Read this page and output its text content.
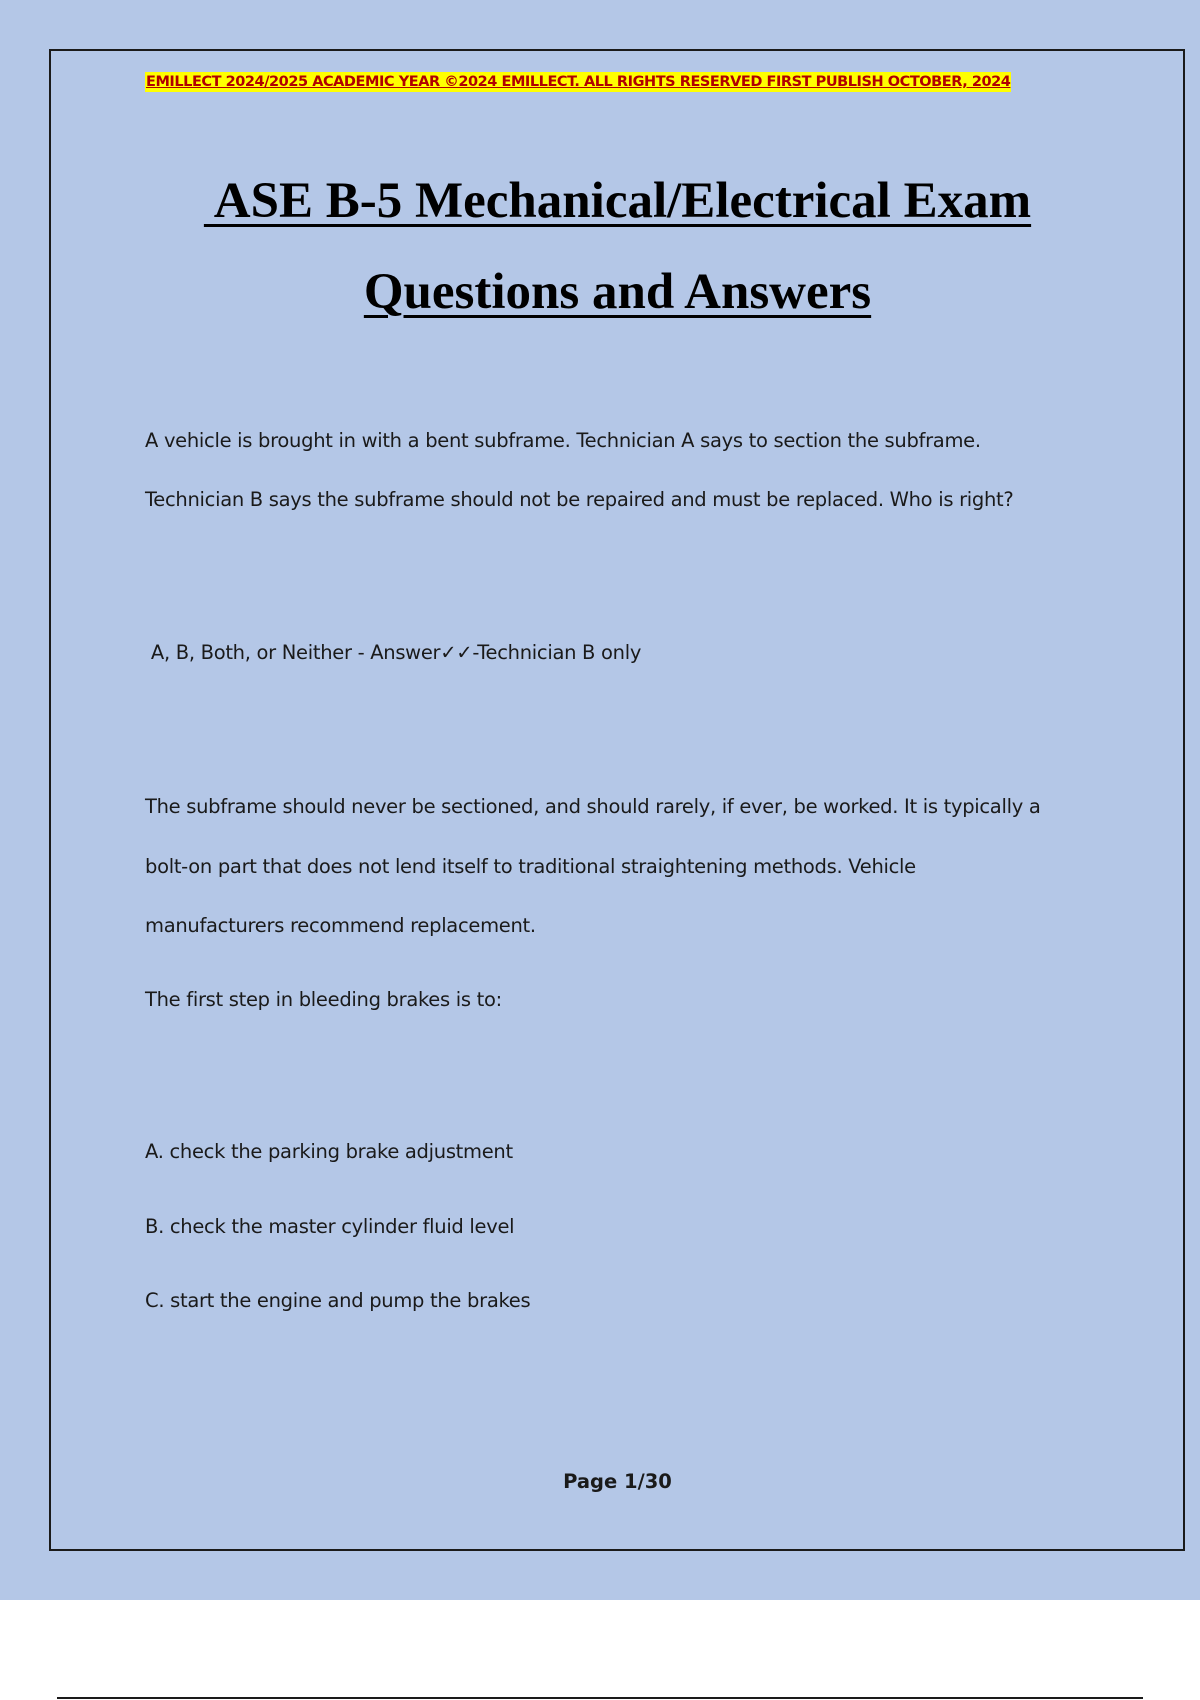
EMILLECT 2024/2025 ACADEMIC YEAR ©2024 EMILLECT. ALL RIGHTS RESERVED FIRST PUBLISH OCTOBER, 2024
ASE B-5 Mechanical/Electrical Exam
Questions and Answers
A vehicle is brought in with a bent subframe. Technician A says to section the subframe.
Technician B says the subframe should not be repaired and must be replaced. Who is right?
A, B, Both, or Neither - Answer✓✓-Technician B only
The subframe should never be sectioned, and should rarely, if ever, be worked. It is typically a
bolt-on part that does not lend itself to traditional straightening methods. Vehicle
manufacturers recommend replacement.
The first step in bleeding brakes is to:
A. check the parking brake adjustment
B. check the master cylinder fluid level
C. start the engine and pump the brakes
Page 1/30
